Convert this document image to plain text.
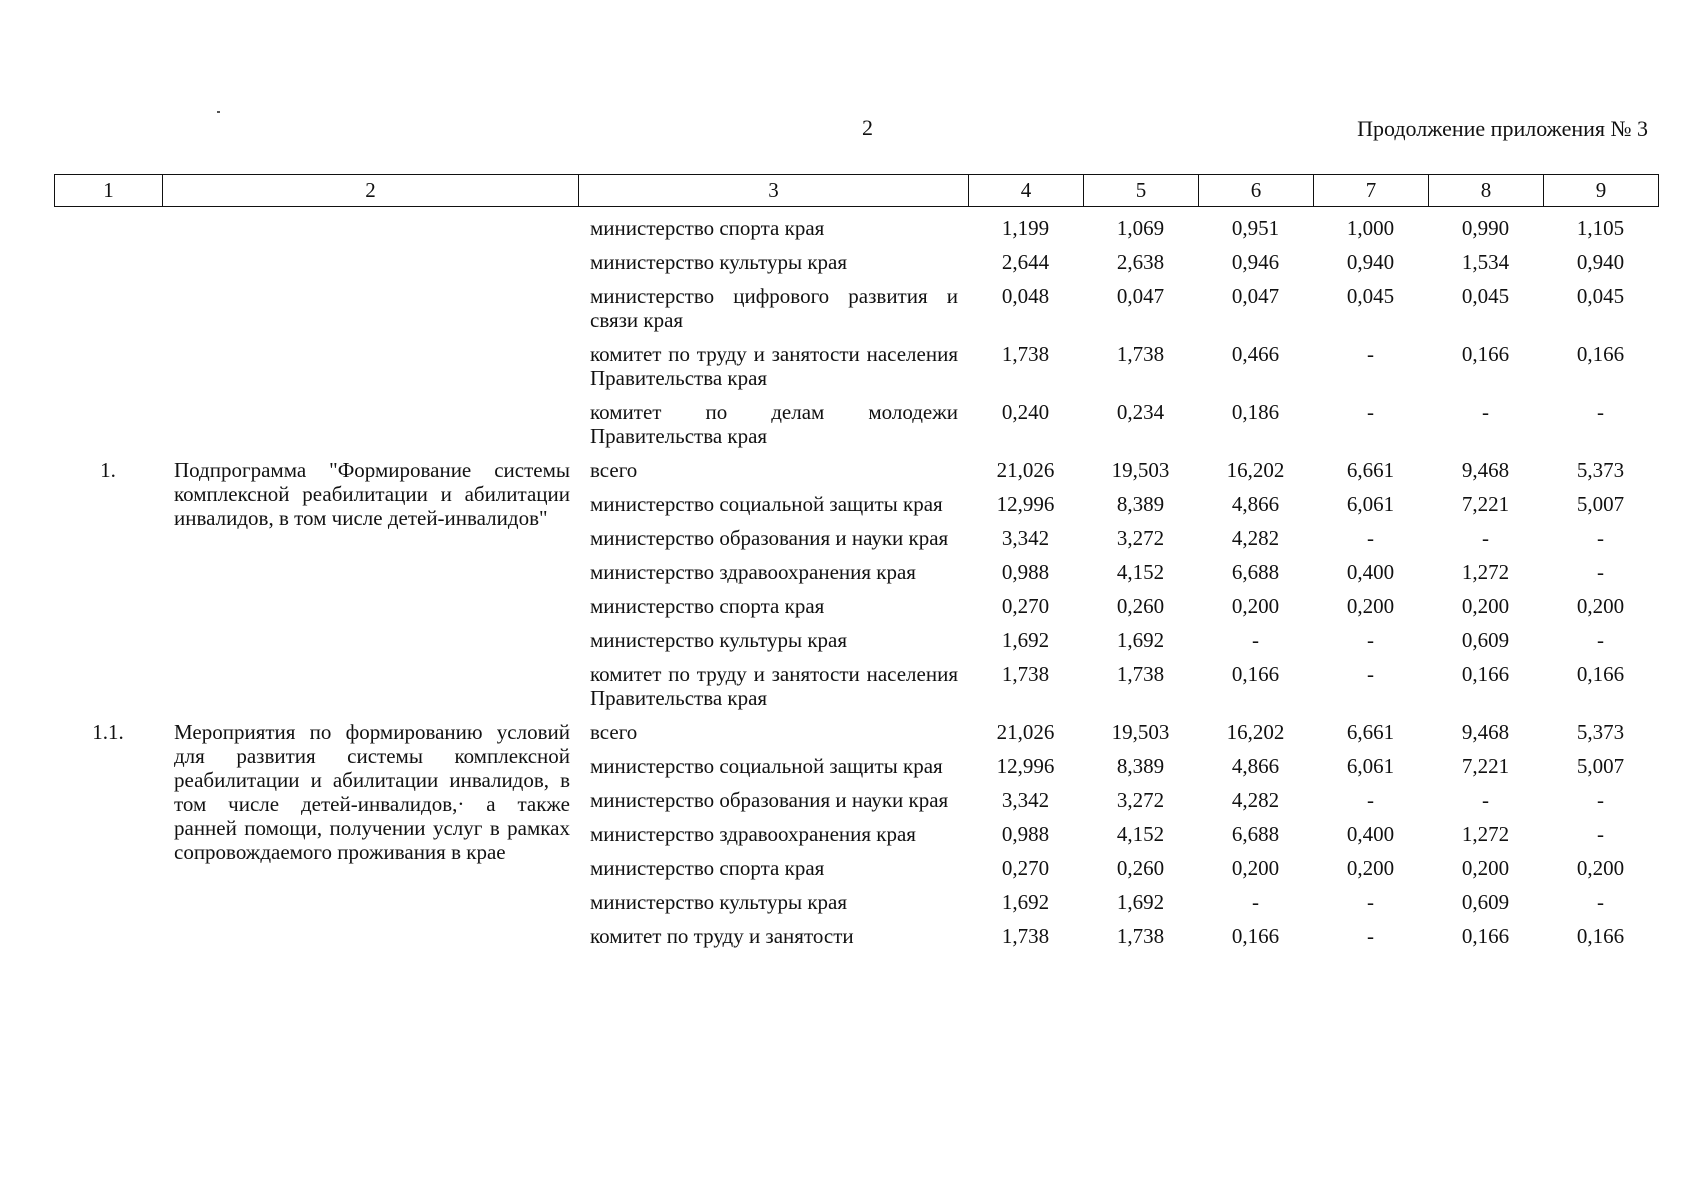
2	Продолжение приложения № 3
1	2	3	4	5	6	7	8	9
		министерство спорта края	1,199	1,069	0,951	1,000	0,990	1,105
		министерство культуры края	2,644	2,638	0,946	0,940	1,534	0,940
		министерство цифрового развития и связи края	0,048	0,047	0,047	0,045	0,045	0,045
		комитет по труду и занятости населения Правительства края	1,738	1,738	0,466	-	0,166	0,166
		комитет по делам молодежи Правительства края	0,240	0,234	0,186	-	-	-
1.	Подпрограмма "Формирование системы комплексной реабилитации и абилитации инвалидов, в том числе детей-инвалидов"	всего	21,026	19,503	16,202	6,661	9,468	5,373
		министерство социальной защиты края	12,996	8,389	4,866	6,061	7,221	5,007
		министерство образования и науки края	3,342	3,272	4,282	-	-	-
		министерство здравоохранения края	0,988	4,152	6,688	0,400	1,272	-
		министерство спорта края	0,270	0,260	0,200	0,200	0,200	0,200
		министерство культуры края	1,692	1,692	-	-	0,609	-
		комитет по труду и занятости населения Правительства края	1,738	1,738	0,166	-	0,166	0,166
1.1.	Мероприятия по формированию условий для развития системы комплексной реабилитации и абилитации инвалидов, в том числе детей-инвалидов,· а также ранней помощи, получении услуг в рамках сопровождаемого проживания в крае	всего	21,026	19,503	16,202	6,661	9,468	5,373
		министерство социальной защиты края	12,996	8,389	4,866	6,061	7,221	5,007
		министерство образования и науки края	3,342	3,272	4,282	-	-	-
		министерство здравоохранения края	0,988	4,152	6,688	0,400	1,272	-
		министерство спорта края	0,270	0,260	0,200	0,200	0,200	0,200
		министерство культуры края	1,692	1,692	-	-	0,609	-
		комитет по труду и занятости	1,738	1,738	0,166	-	0,166	0,166
